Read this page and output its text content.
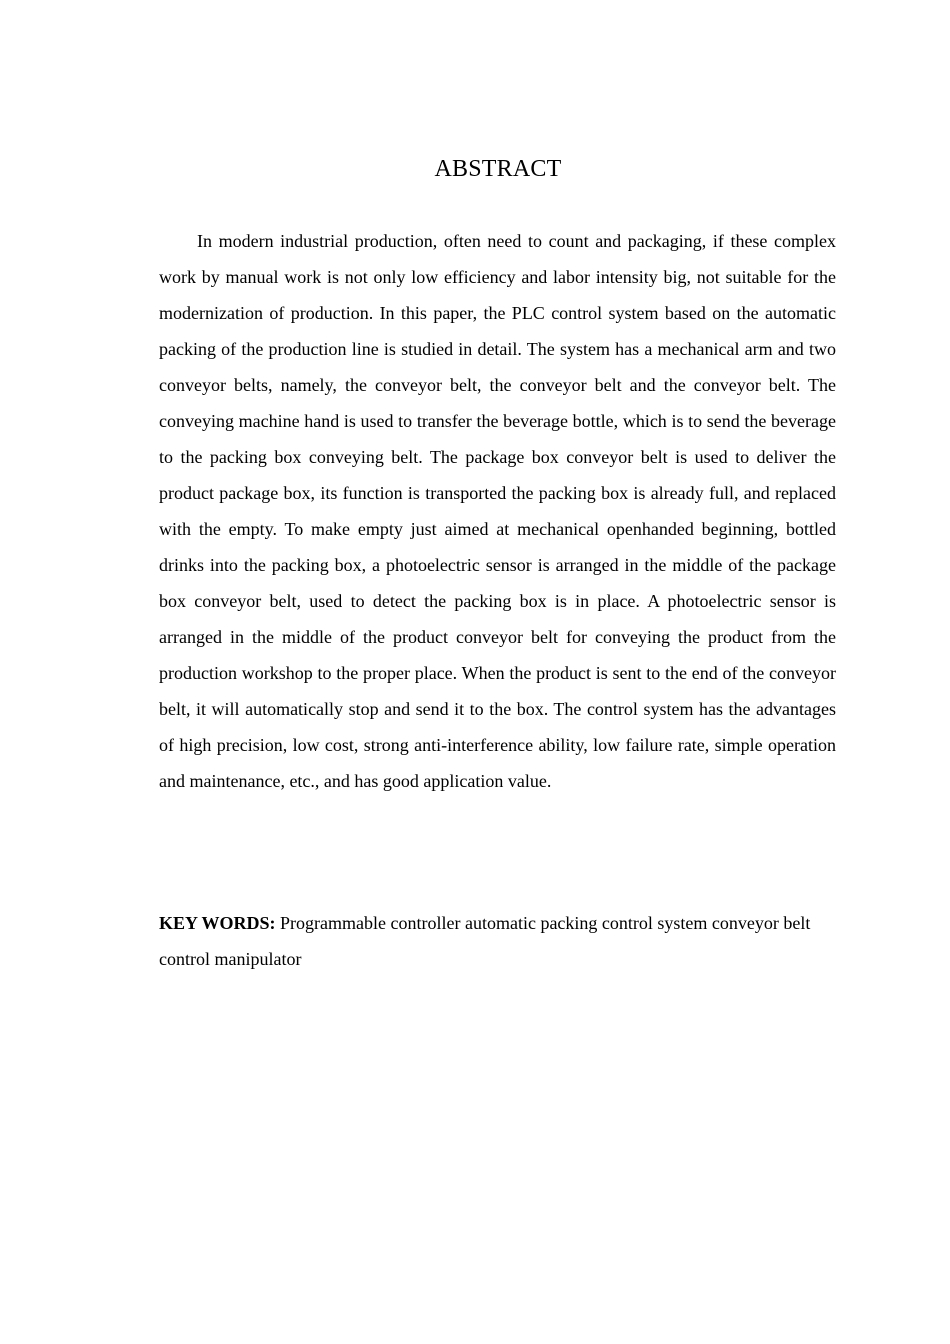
ABSTRACT

In modern industrial production, often need to count and packaging, if these complex work by manual work is not only low efficiency and labor intensity big, not suitable for the modernization of production. In this paper, the PLC control system based on the automatic packing of the production line is studied in detail. The system has a mechanical arm and two conveyor belts, namely, the conveyor belt, the conveyor belt and the conveyor belt. The conveying machine hand is used to transfer the beverage bottle, which is to send the beverage to the packing box conveying belt. The package box conveyor belt is used to deliver the product package box, its function is transported the packing box is already full, and replaced with the empty. To make empty just aimed at mechanical openhanded beginning, bottled drinks into the packing box, a photoelectric sensor is arranged in the middle of the package box conveyor belt, used to detect the packing box is in place. A photoelectric sensor is arranged in the middle of the product conveyor belt for conveying the product from the production workshop to the proper place. When the product is sent to the end of the conveyor belt, it will automatically stop and send it to the box. The control system has the advantages of high precision, low cost, strong anti-interference ability, low failure rate, simple operation and maintenance, etc., and has good application value.

KEY WORDS: Programmable controller automatic packing control system conveyor belt control manipulator
